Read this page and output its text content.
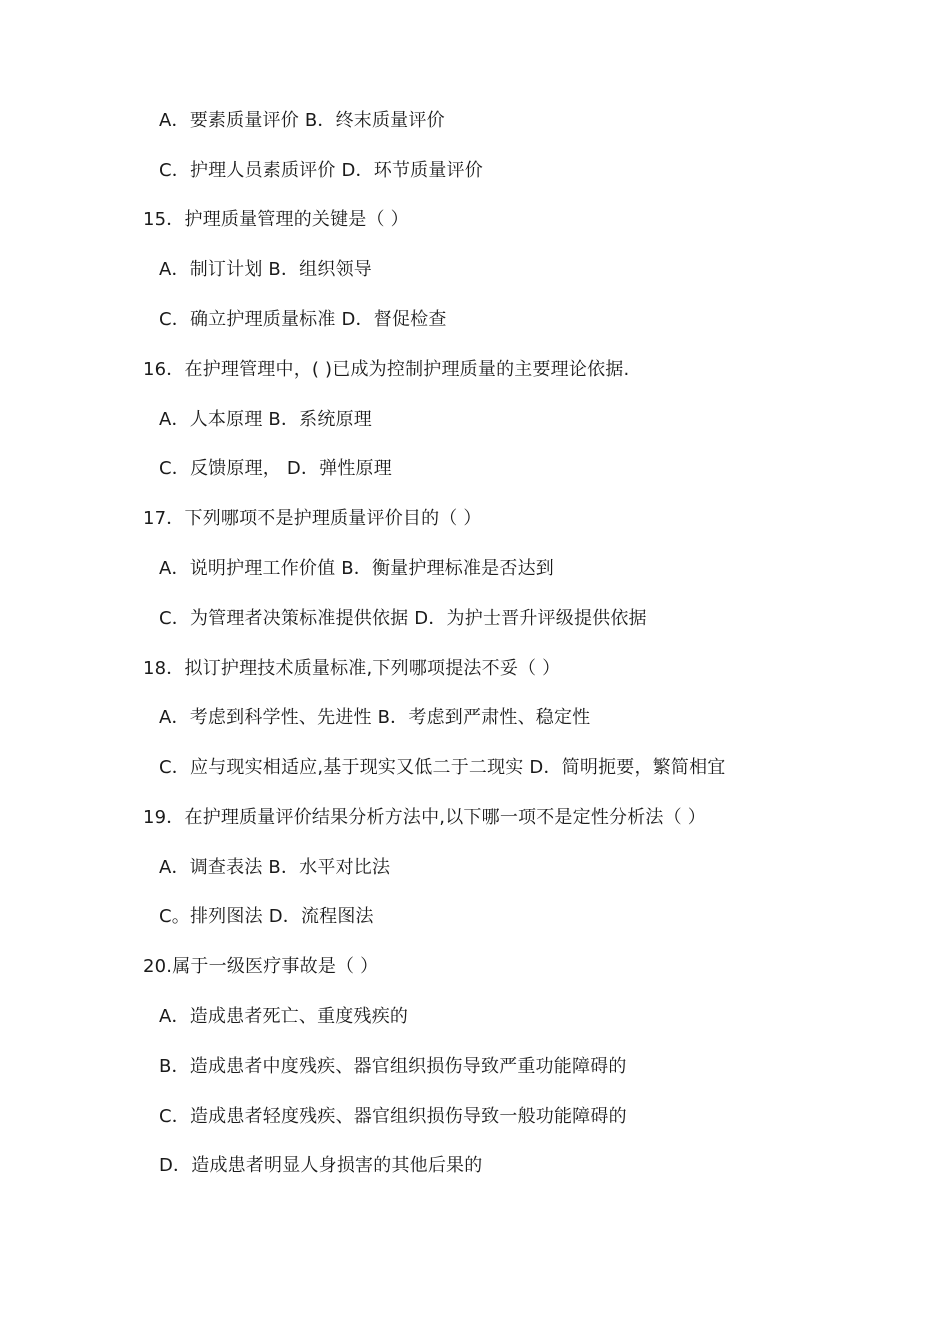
A．要素质量评价 B．终末质量评价
C．护理人员素质评价 D．环节质量评价
15．护理质量管理的关键是（ ）
A．制订计划 B．组织领导
C．确立护理质量标准 D．督促检查
16．在护理管理中，( )已成为控制护理质量的主要理论依据.
A．人本原理 B．系统原理
C．反馈原理， D．弹性原理
17．下列哪项不是护理质量评价目的（ ）
A．说明护理工作价值 B．衡量护理标准是否达到
C．为管理者决策标准提供依据 D．为护士晋升评级提供依据
18．拟订护理技术质量标准,下列哪项提法不妥（ ）
A．考虑到科学性、先进性 B．考虑到严肃性、稳定性
C．应与现实相适应,基于现实又低二于二现实 D．简明扼要，繁简相宜
19．在护理质量评价结果分析方法中,以下哪一项不是定性分析法（ ）
A．调查表法 B．水平对比法
C。排列图法 D．流程图法
20.属于一级医疗事故是（ ）
A．造成患者死亡、重度残疾的
B．造成患者中度残疾、器官组织损伤导致严重功能障碍的
C．造成患者轻度残疾、器官组织损伤导致一般功能障碍的
D．造成患者明显人身损害的其他后果的
